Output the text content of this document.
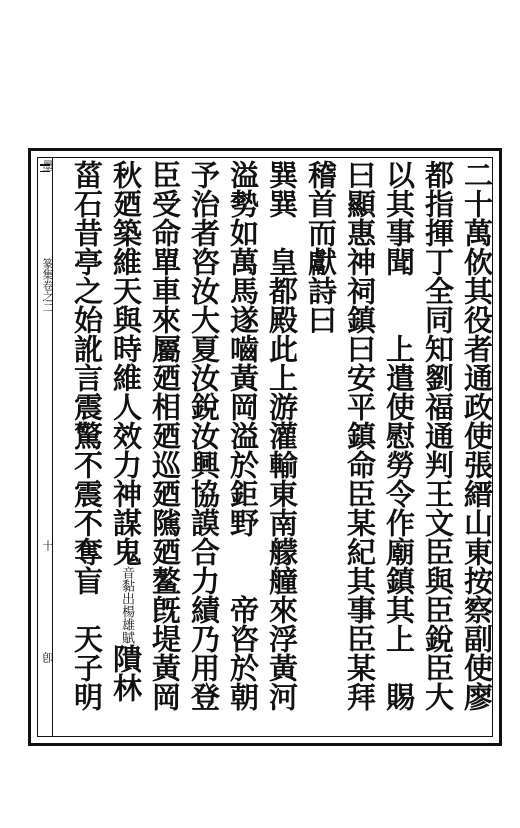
墨
篆集卷之二
十
卽
二十萬佽其役者通政使張縉山東按察副使廖
都指揮丁全同知劉福通判王文臣與臣銳臣大
以其事聞　　上遣使慰勞令作廟鎮其上　賜
曰顯惠神祠鎮曰安平鎮命臣某紀其事臣某拜
稽首而獻詩曰
巽巽　皇都殿此上游灌輸東南艨艟來浮黃河
溢勢如萬馬遂嚙黃岡溢於鉅野　　帝咨於朝
予治者咨汝大夏汝銳汝興協謨合力績乃用登
臣受命單車來屬廼相廼巡廼隲廼鳌旣堤黃岡
秋廼築維天與時維人效力神謀鬼音黏出楊雄賦隤林
菑石昔亭之始訛言震驚不震不奪盲　天子明
